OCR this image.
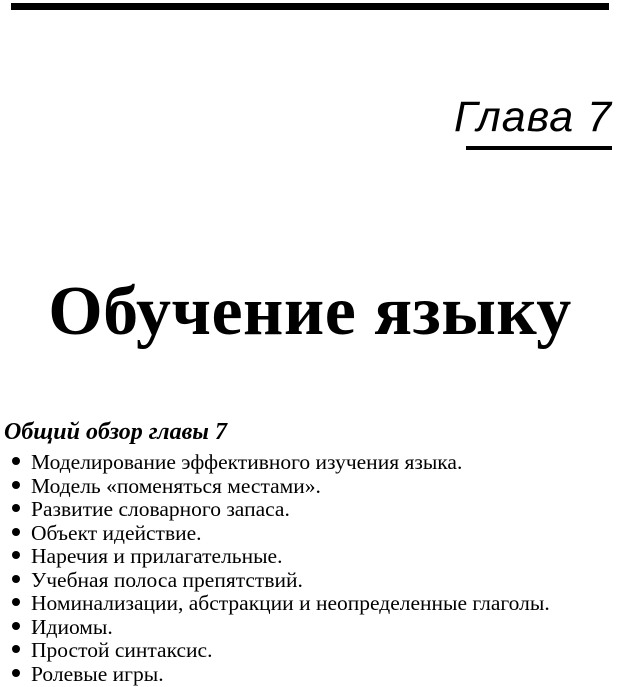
Глава 7
Обучение языку
Общий обзор главы 7
Моделирование эффективного изучения языка.
Модель «поменяться местами».
Развитие словарного запаса.
Объект идействие.
Наречия и прилагательные.
Учебная полоса препятствий.
Номинализации, абстракции и неопределенные глаголы.
Идиомы.
Простой синтаксис.
Ролевые игры.
